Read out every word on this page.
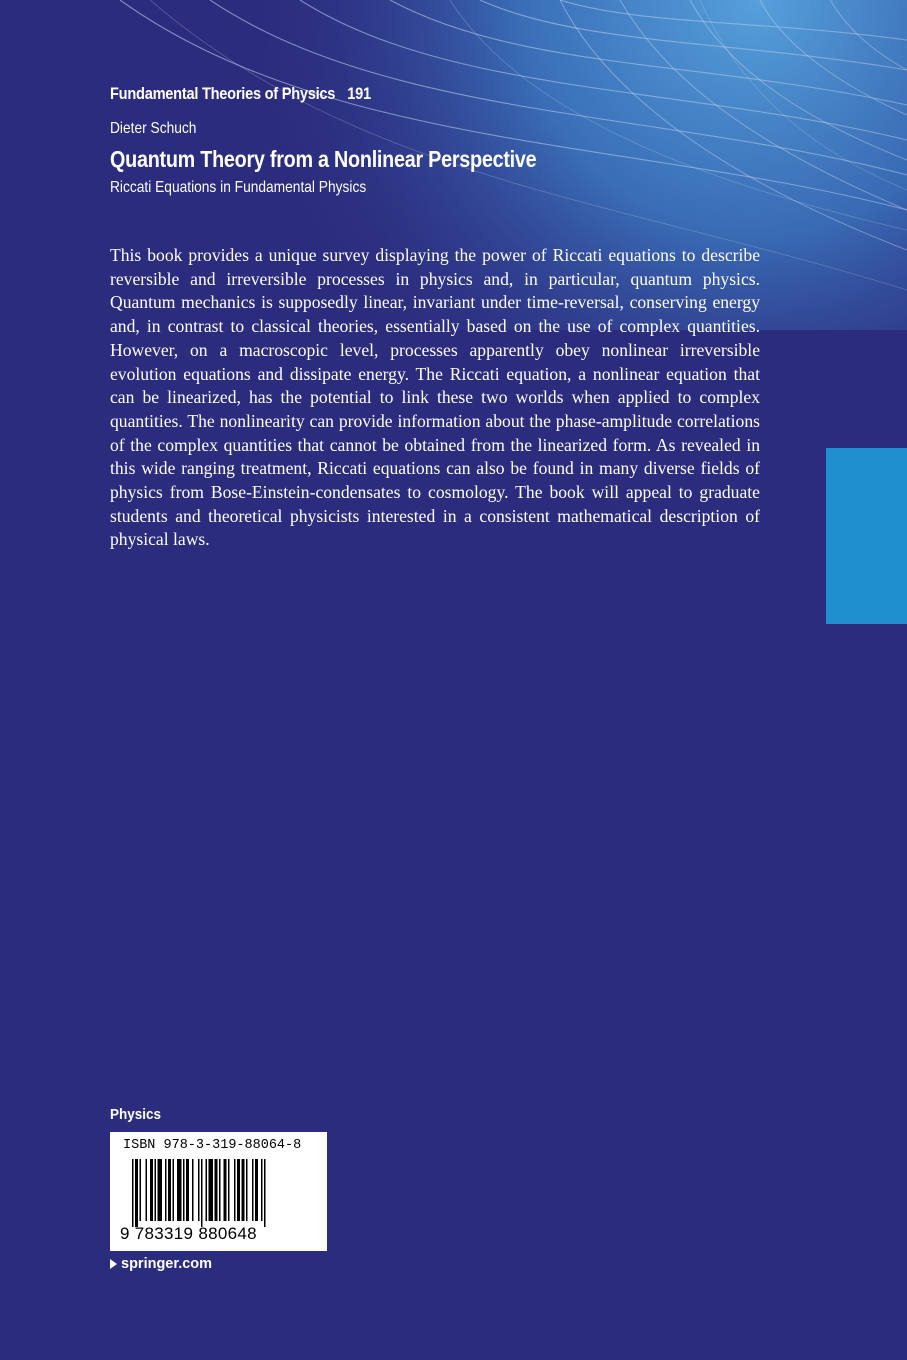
Fundamental Theories of Physics 191
Dieter Schuch
Quantum Theory from a Nonlinear Perspective
Riccati Equations in Fundamental Physics

This book provides a unique survey displaying the power of Riccati equations to describe reversible and irreversible processes in physics and, in particular, quantum physics. Quantum mechanics is supposedly linear, invariant under time-reversal, conserving energy and, in contrast to classical theories, essentially based on the use of complex quantities. However, on a macroscopic level, processes apparently obey nonlinear irreversible evolution equations and dissipate energy. The Riccati equation, a nonlinear equation that can be linearized, has the potential to link these two worlds when applied to complex quantities. The nonlinearity can provide information about the phase-amplitude correlations of the complex quantities that cannot be obtained from the linearized form. As revealed in this wide ranging treatment, Riccati equations can also be found in many diverse fields of physics from Bose-Einstein-condensates to cosmology. The book will appeal to graduate students and theoretical physicists interested in a consistent mathematical description of physical laws.

Physics
ISBN 978-3-319-88064-8
9 783319 880648
springer.com
